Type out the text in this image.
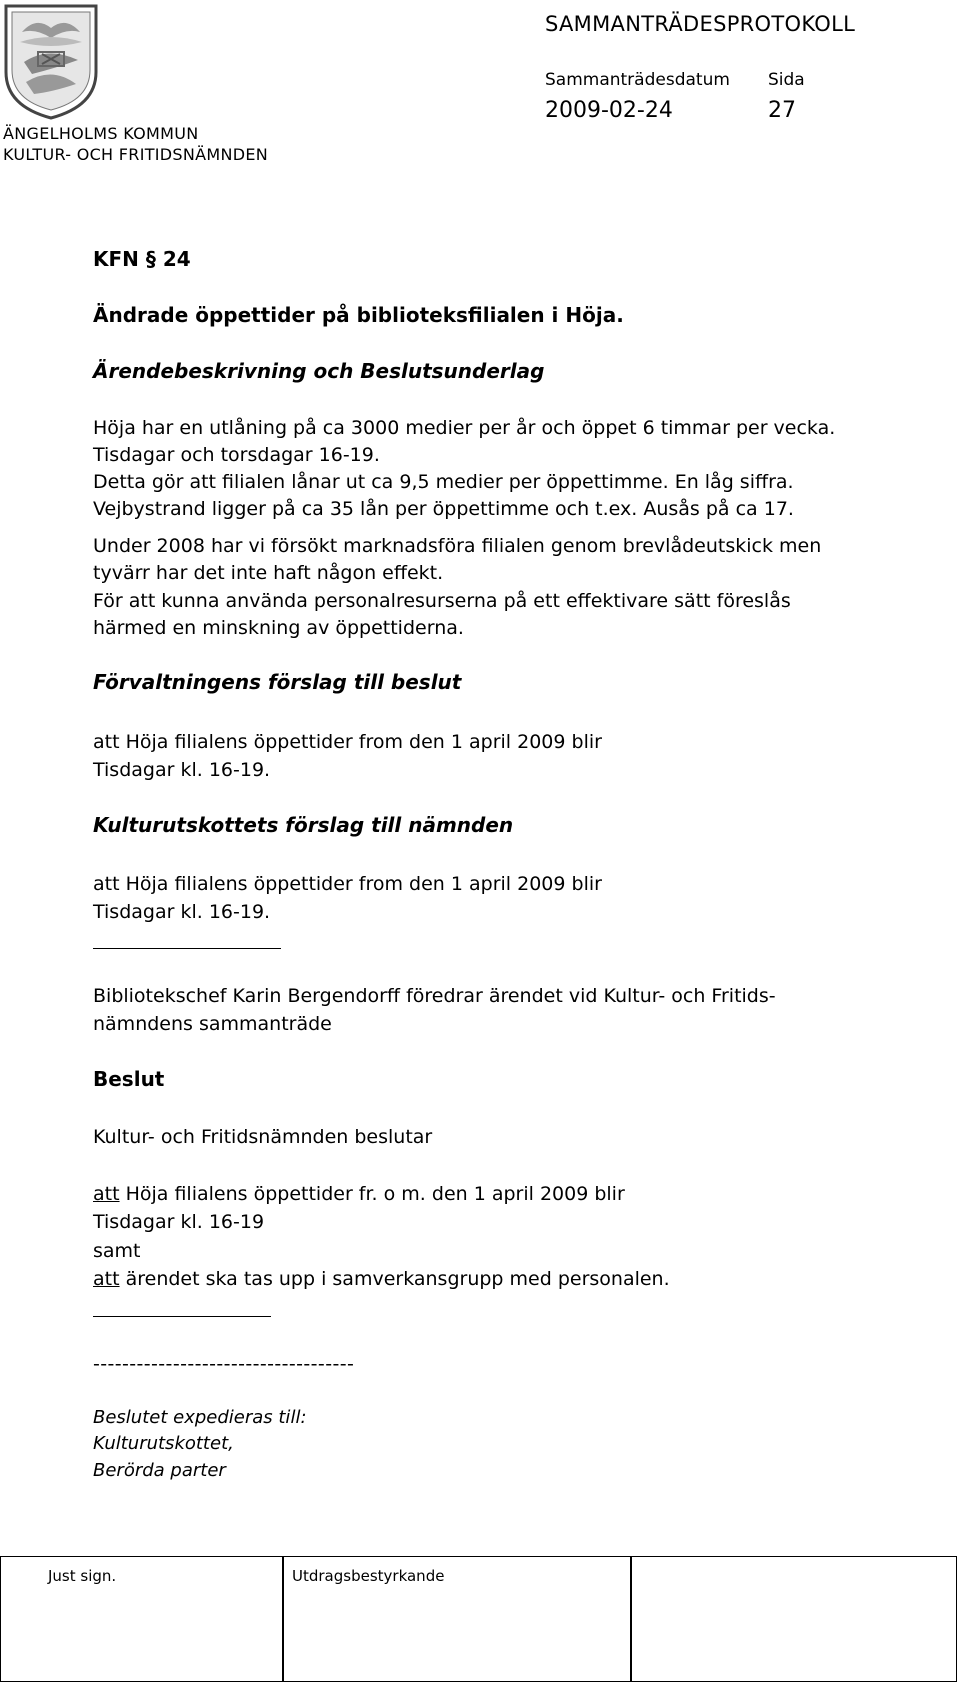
SAMMANTRÄDESPROTOKOLL
Sammanträdesdatum Sida
2009-02-24	27
ÄNGELHOLMS KOMMUN
KULTUR- OCH FRITIDSNÄMNDEN
KFN § 24
Ändrade öppettider på biblioteksfilialen i Höja.
Ärendebeskrivning och Beslutsunderlag
Höja har en utlåning på ca 3000 medier per år och öppet 6 timmar per vecka.
Tisdagar och torsdagar 16-19.
Detta gör att filialen lånar ut ca 9,5 medier per öppettimme. En låg siffra.
Vejbystrand ligger på ca 35 lån per öppettimme och t.ex. Ausås på ca 17.
Under 2008 har vi försökt marknadsföra filialen genom brevlådeutskick men
tyvärr har det inte haft någon effekt.
För att kunna använda personalresurserna på ett effektivare sätt föreslås
härmed en minskning av öppettiderna.
Förvaltningens förslag till beslut
att Höja filialens öppettider from den 1 april 2009 blir
Tisdagar kl. 16-19.
Kulturutskottets förslag till nämnden
att Höja filialens öppettider from den 1 april 2009 blir
Tisdagar kl. 16-19.
Bibliotekschef Karin Bergendorff föredrar ärendet vid Kultur- och Fritids-
nämndens sammanträde
Beslut
Kultur- och Fritidsnämnden beslutar
att Höja filialens öppettider fr. o m. den 1 april 2009 blir
Tisdagar kl. 16-19
samt
att ärendet ska tas upp i samverkansgrupp med personalen.
------------------------------------
Beslutet expedieras till:
Kulturutskottet,
Berörda parter
Just sign.	Utdragsbestyrkande
